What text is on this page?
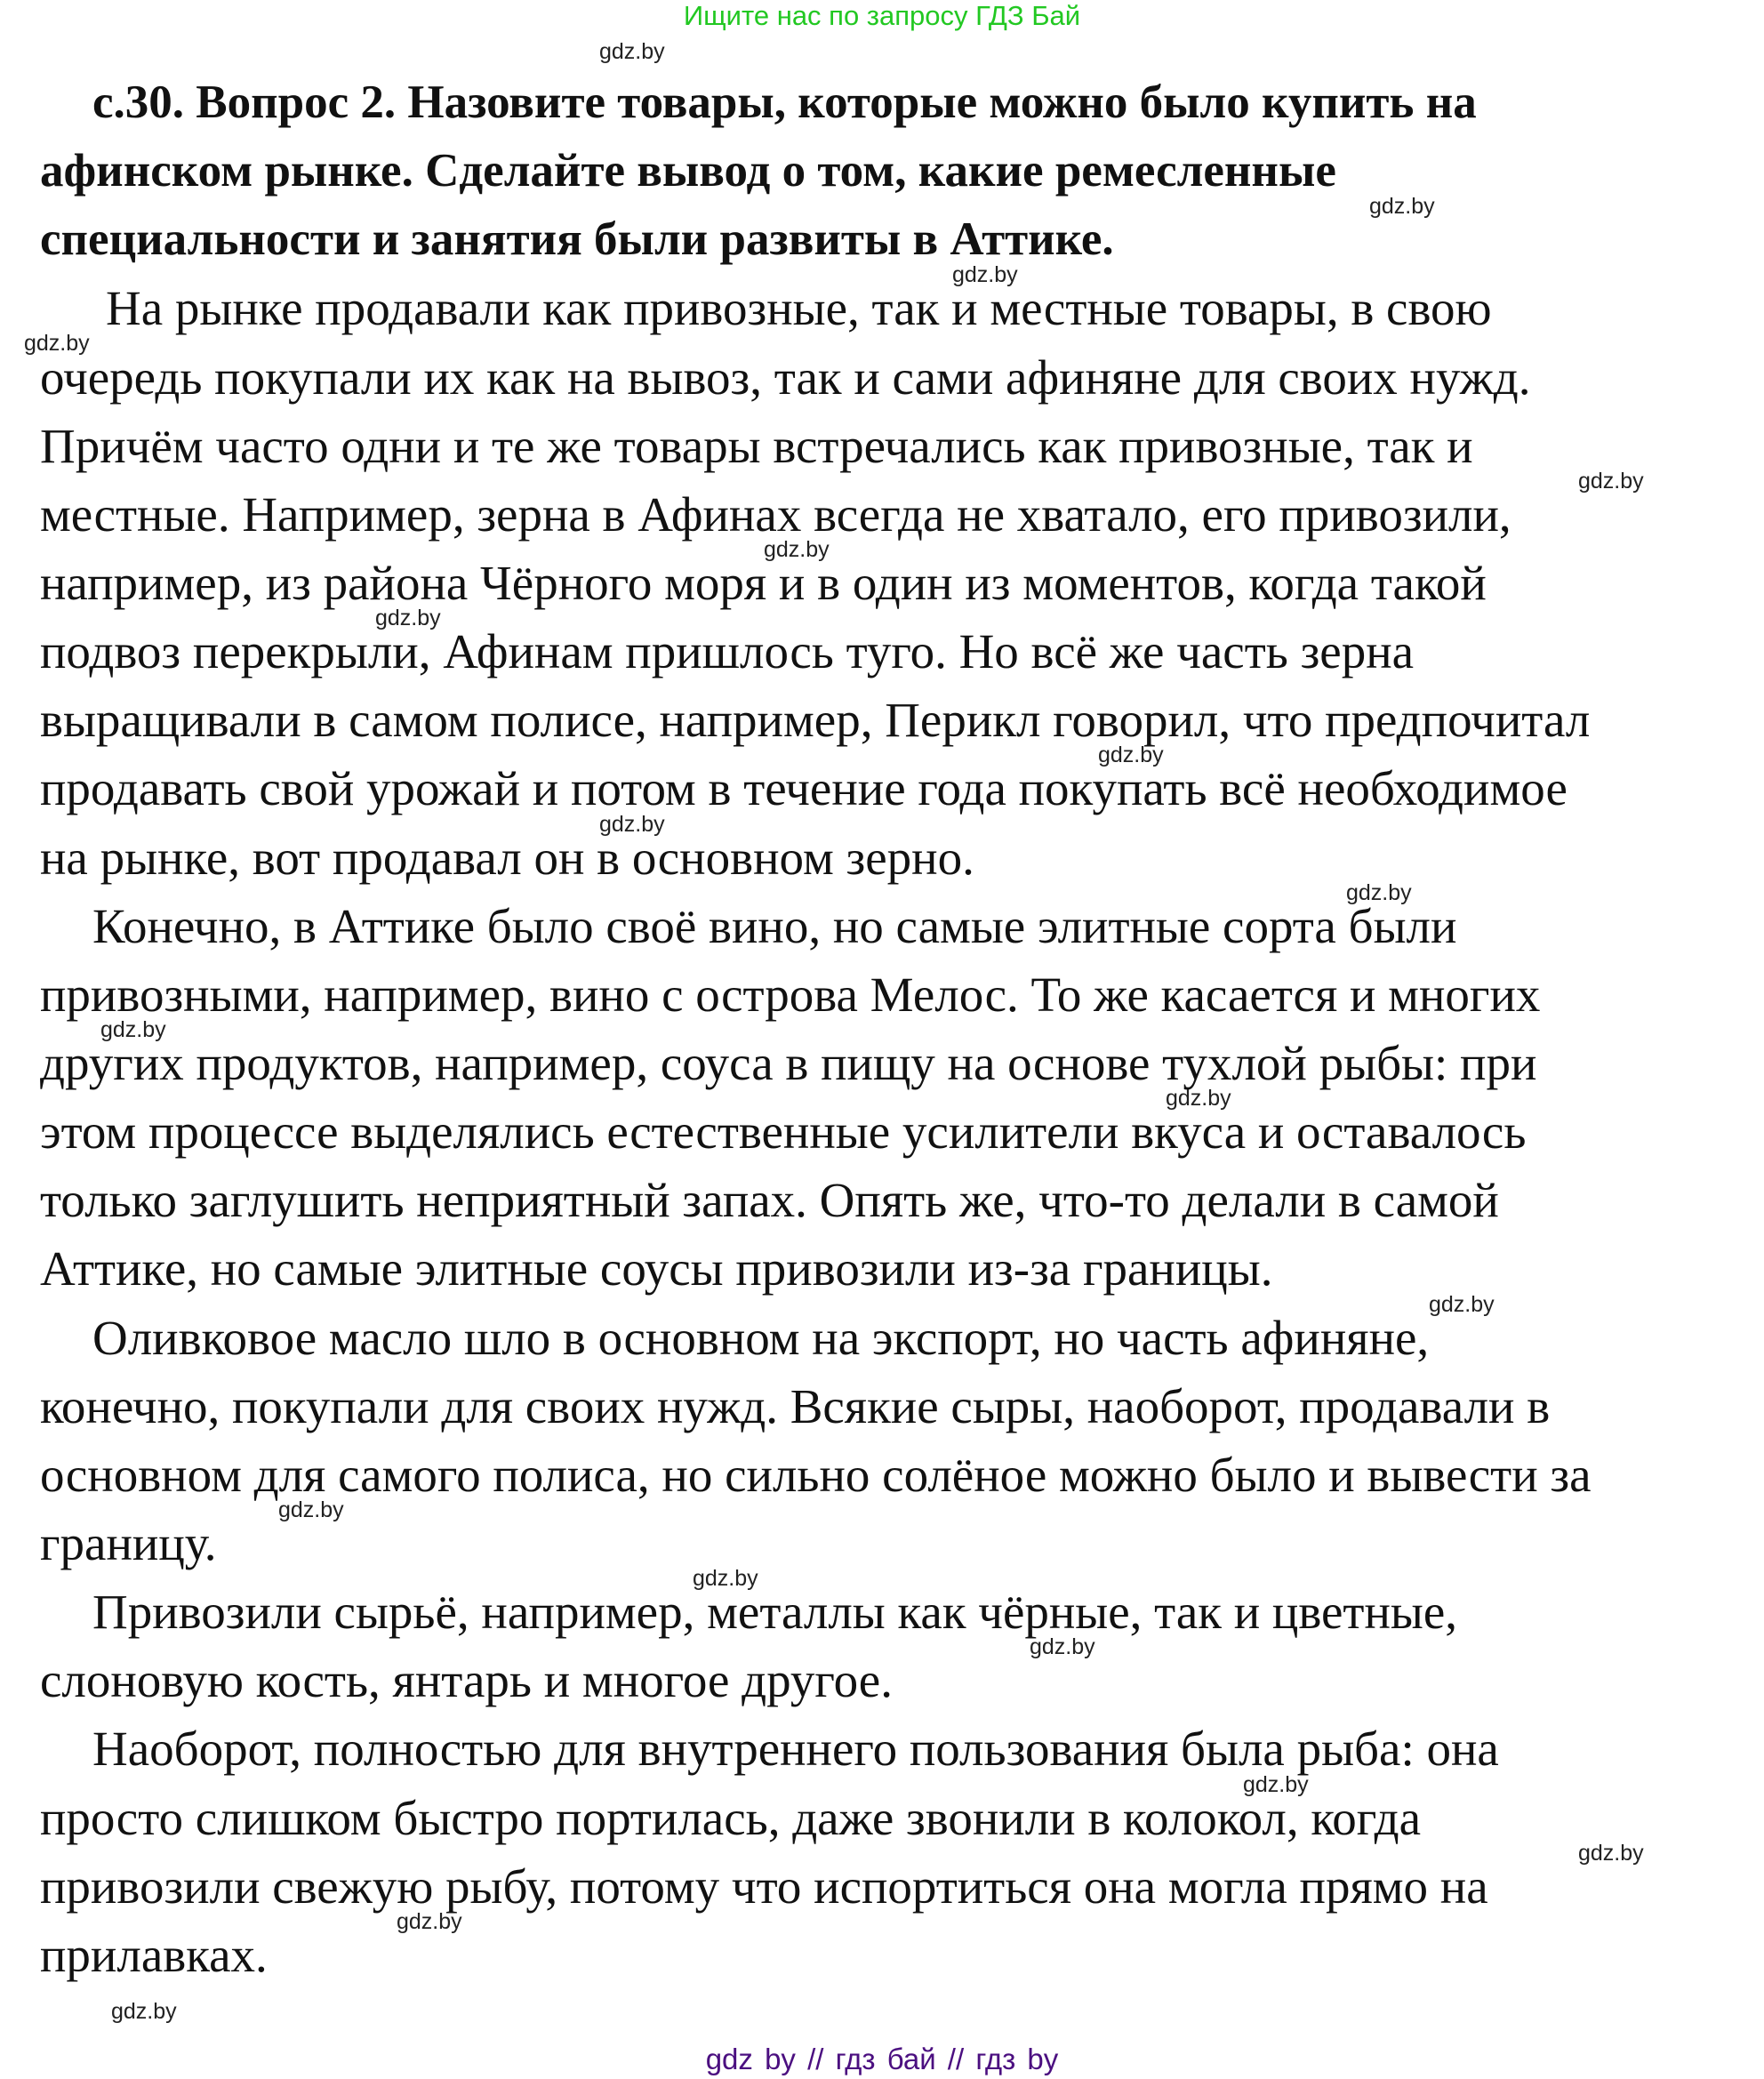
Ищите нас по запросу ГДЗ Бай
с.30. Вопрос 2. Назовите товары, которые можно было купить на
афинском рынке. Сделайте вывод о том, какие ремесленные
специальности и занятия были развиты в Аттике.
На рынке продавали как привозные, так и местные товары, в свою
очередь покупали их как на вывоз, так и сами афиняне для своих нужд.
Причём часто одни и те же товары встречались как привозные, так и
местные. Например, зерна в Афинах всегда не хватало, его привозили,
например, из района Чёрного моря и в один из моментов, когда такой
подвоз перекрыли, Афинам пришлось туго. Но всё же часть зерна
выращивали в самом полисе, например, Перикл говорил, что предпочитал
продавать свой урожай и потом в течение года покупать всё необходимое
на рынке, вот продавал он в основном зерно.
Конечно, в Аттике было своё вино, но самые элитные сорта были
привозными, например, вино с острова Мелос. То же касается и многих
других продуктов, например, соуса в пищу на основе тухлой рыбы: при
этом процессе выделялись естественные усилители вкуса и оставалось
только заглушить неприятный запах. Опять же, что-то делали в самой
Аттике, но самые элитные соусы привозили из-за границы.
Оливковое масло шло в основном на экспорт, но часть афиняне,
конечно, покупали для своих нужд. Всякие сыры, наоборот, продавали в
основном для самого полиса, но сильно солёное можно было и вывести за
границу.
Привозили сырьё, например, металлы как чёрные, так и цветные,
слоновую кость, янтарь и многое другое.
Наоборот, полностью для внутреннего пользования была рыба: она
просто слишком быстро портилась, даже звонили в колокол, когда
привозили свежую рыбу, потому что испортиться она могла прямо на
прилавках.
gdz.by
gdz.by
gdz.by
gdz.by
gdz.by
gdz.by
gdz.by
gdz.by
gdz.by
gdz.by
gdz.by
gdz.by
gdz.by
gdz.by
gdz.by
gdz.by
gdz.by
gdz.by
gdz.by
gdz.by
gdz by // гдз бай // гдз by
